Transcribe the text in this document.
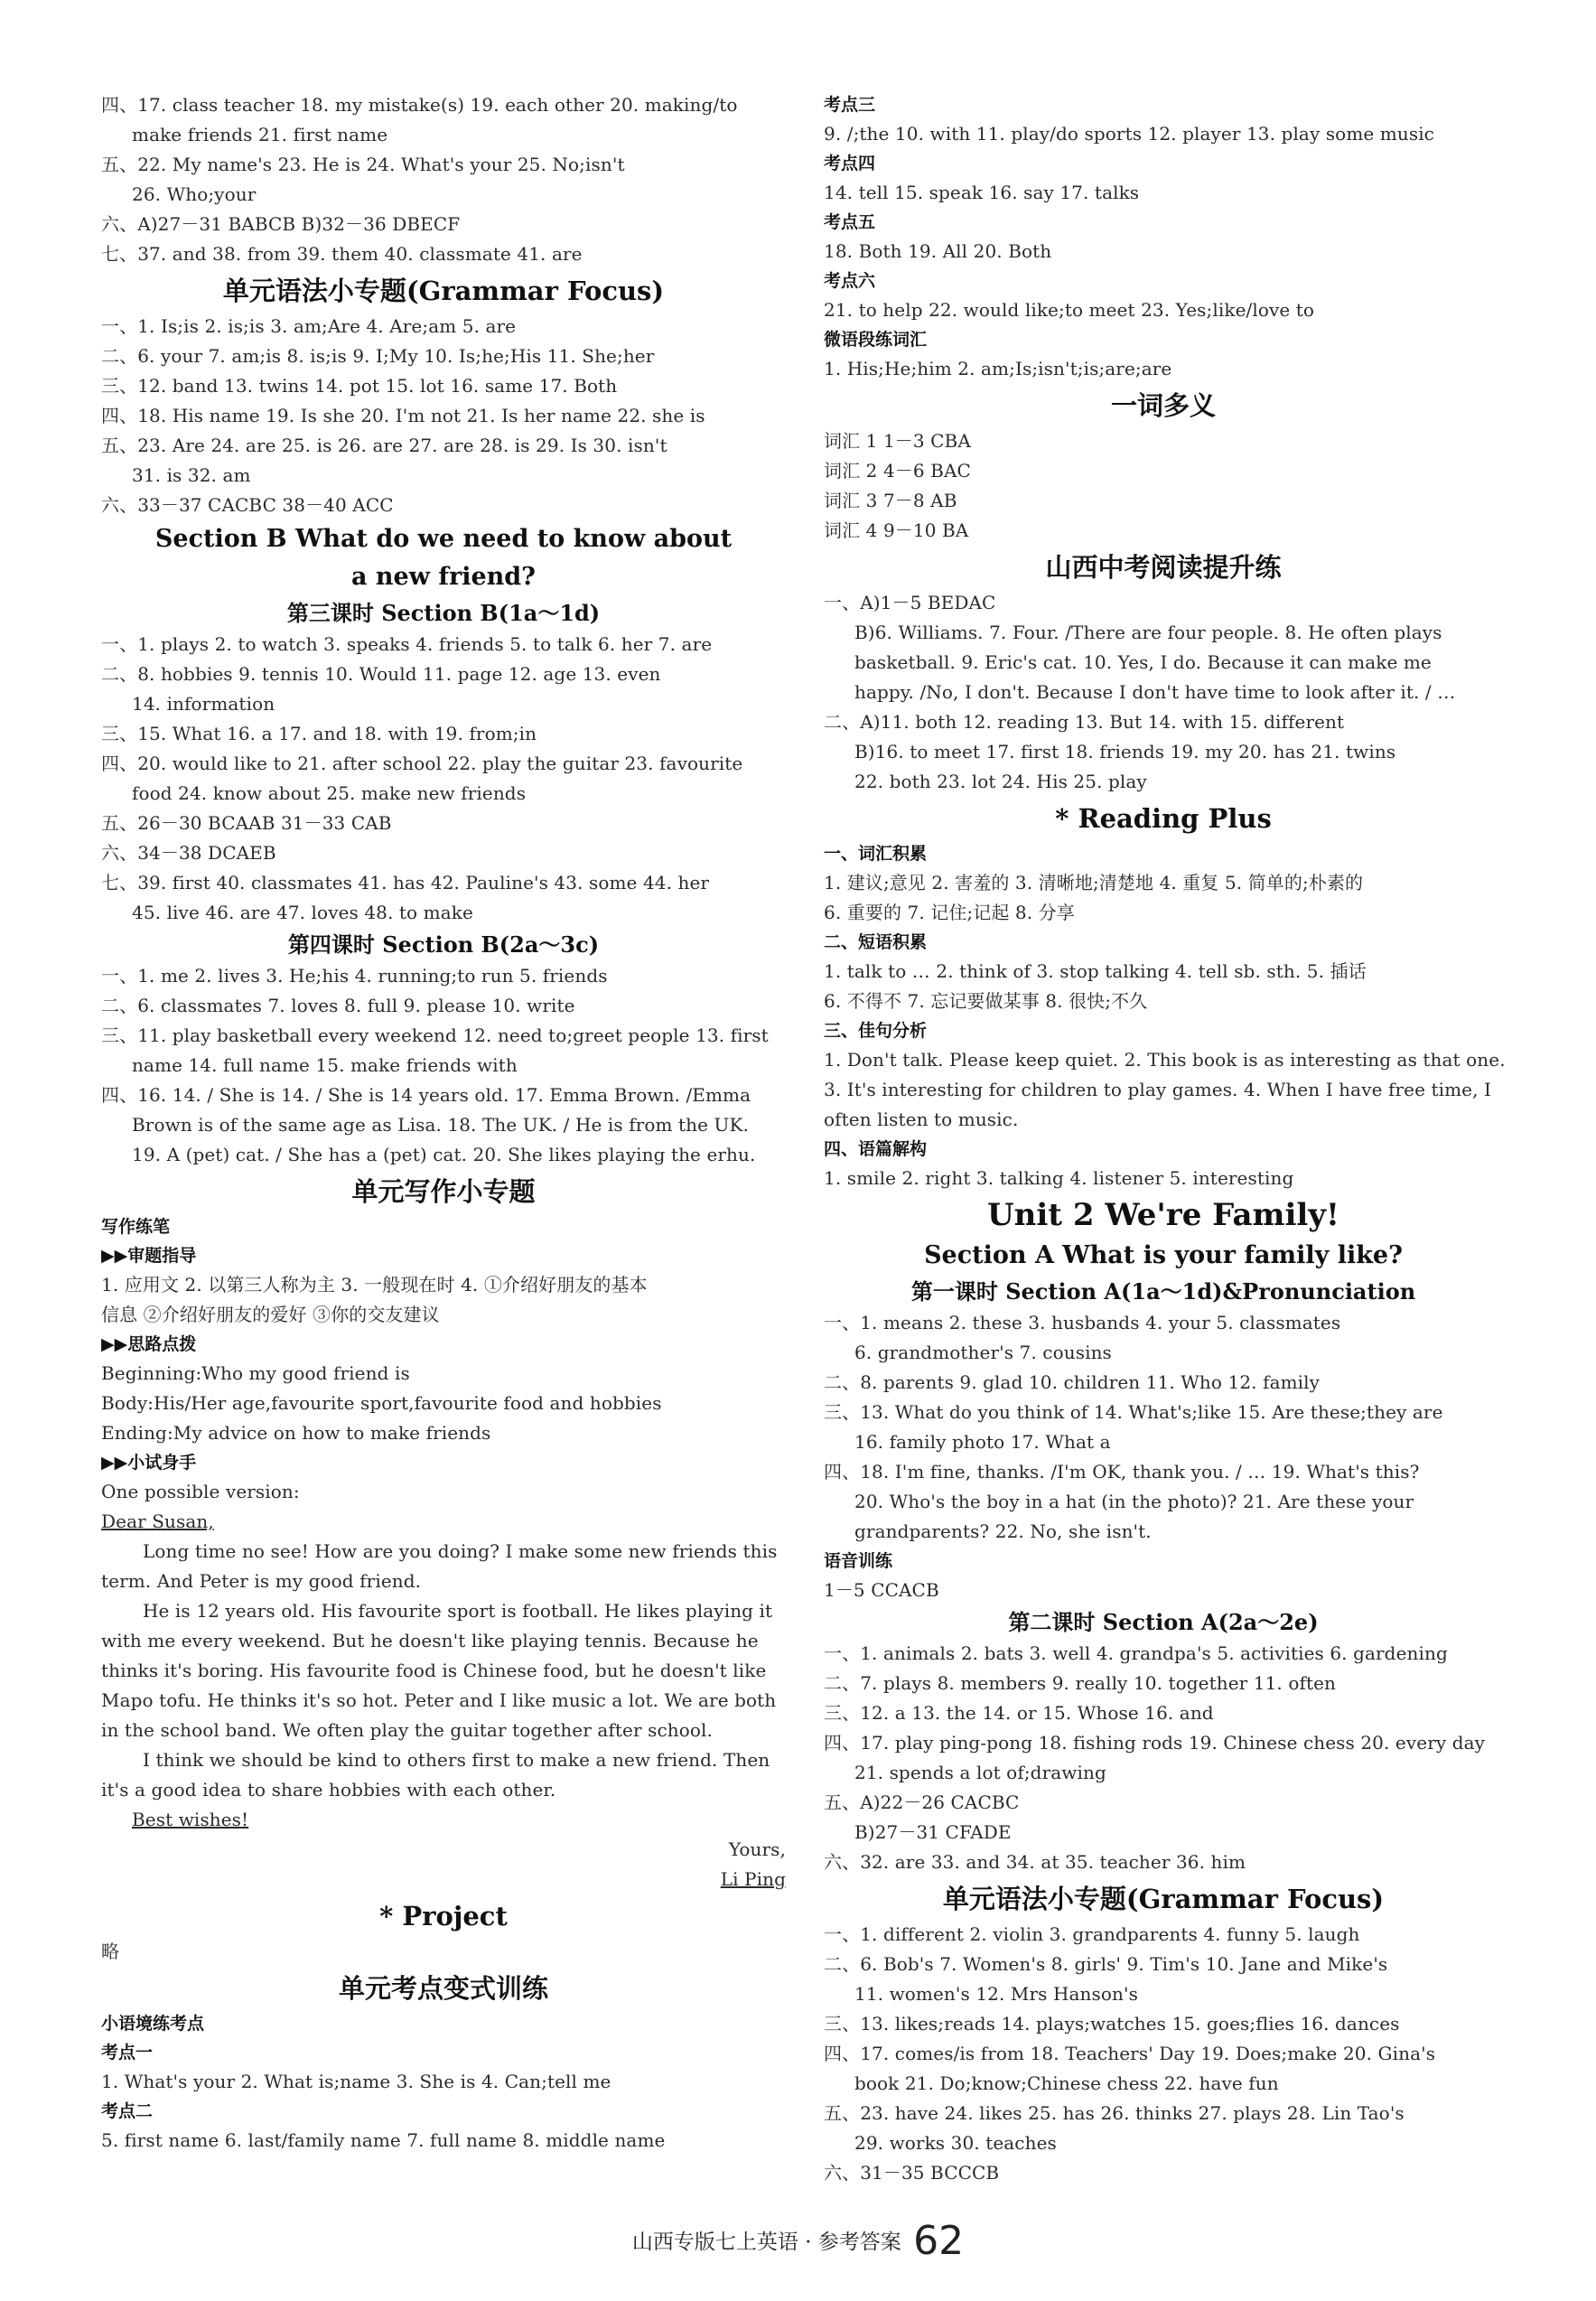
四、17. class teacher 18. my mistake(s) 19. each other 20. making/to
make friends 21. first name
五、22. My name's 23. He is 24. What's your 25. No;isn't
26. Who;your
六、A)27－31 BABCB B)32－36 DBECF
七、37. and 38. from 39. them 40. classmate 41. are
单元语法小专题(Grammar Focus)
一、1. Is;is 2. is;is 3. am;Are 4. Are;am 5. are
二、6. your 7. am;is 8. is;is 9. I;My 10. Is;he;His 11. She;her
三、12. band 13. twins 14. pot 15. lot 16. same 17. Both
四、18. His name 19. Is she 20. I'm not 21. Is her name 22. she is
五、23. Are 24. are 25. is 26. are 27. are 28. is 29. Is 30. isn't
31. is 32. am
六、33－37 CACBC 38－40 ACC
Section B What do we need to know about
a new friend?
第三课时 Section B(1a～1d)
一、1. plays 2. to watch 3. speaks 4. friends 5. to talk 6. her 7. are
二、8. hobbies 9. tennis 10. Would 11. page 12. age 13. even
14. information
三、15. What 16. a 17. and 18. with 19. from;in
四、20. would like to 21. after school 22. play the guitar 23. favourite
food 24. know about 25. make new friends
五、26－30 BCAAB 31－33 CAB
六、34－38 DCAEB
七、39. first 40. classmates 41. has 42. Pauline's 43. some 44. her
45. live 46. are 47. loves 48. to make
第四课时 Section B(2a～3c)
一、1. me 2. lives 3. He;his 4. running;to run 5. friends
二、6. classmates 7. loves 8. full 9. please 10. write
三、11. play basketball every weekend 12. need to;greet people 13. first
name 14. full name 15. make friends with
四、16. 14. / She is 14. / She is 14 years old. 17. Emma Brown. /Emma
Brown is of the same age as Lisa. 18. The UK. / He is from the UK.
19. A (pet) cat. / She has a (pet) cat. 20. She likes playing the erhu.
单元写作小专题
写作练笔
▶▶审题指导
1. 应用文 2. 以第三人称为主 3. 一般现在时 4. ①介绍好朋友的基本
信息 ②介绍好朋友的爱好 ③你的交友建议
▶▶思路点拨
Beginning:Who my good friend is
Body:His/Her age,favourite sport,favourite food and hobbies
Ending:My advice on how to make friends
▶▶小试身手
One possible version:
Dear Susan,
Long time no see! How are you doing? I make some new friends this term. And Peter is my good friend.
He is 12 years old. His favourite sport is football. He likes playing it with me every weekend. But he doesn't like playing tennis. Because he thinks it's boring. His favourite food is Chinese food, but he doesn't like Mapo tofu. He thinks it's so hot. Peter and I like music a lot. We are both in the school band. We often play the guitar together after school.
I think we should be kind to others first to make a new friend. Then it's a good idea to share hobbies with each other.
Best wishes!
Yours,
Li Ping
* Project
略
单元考点变式训练
小语境练考点
考点一
1. What's your 2. What is;name 3. She is 4. Can;tell me
考点二
5. first name 6. last/family name 7. full name 8. middle name
考点三
9. /;the 10. with 11. play/do sports 12. player 13. play some music
考点四
14. tell 15. speak 16. say 17. talks
考点五
18. Both 19. All 20. Both
考点六
21. to help 22. would like;to meet 23. Yes;like/love to
微语段练词汇
1. His;He;him 2. am;Is;isn't;is;are;are
一词多义
词汇 1 1－3 CBA
词汇 2 4－6 BAC
词汇 3 7－8 AB
词汇 4 9－10 BA
山西中考阅读提升练
一、A)1－5 BEDAC
B)6. Williams. 7. Four. /There are four people. 8. He often plays
basketball. 9. Eric's cat. 10. Yes, I do. Because it can make me
happy. /No, I don't. Because I don't have time to look after it. / …
二、A)11. both 12. reading 13. But 14. with 15. different
B)16. to meet 17. first 18. friends 19. my 20. has 21. twins
22. both 23. lot 24. His 25. play
* Reading Plus
一、词汇积累
1. 建议;意见 2. 害羞的 3. 清晰地;清楚地 4. 重复 5. 简单的;朴素的
6. 重要的 7. 记住;记起 8. 分享
二、短语积累
1. talk to … 2. think of 3. stop talking 4. tell sb. sth. 5. 插话
6. 不得不 7. 忘记要做某事 8. 很快;不久
三、佳句分析
1. Don't talk. Please keep quiet. 2. This book is as interesting as that one.
3. It's interesting for children to play games. 4. When I have free time, I
often listen to music.
四、语篇解构
1. smile 2. right 3. talking 4. listener 5. interesting
Unit 2 We're Family!
Section A What is your family like?
第一课时 Section A(1a～1d)&Pronunciation
一、1. means 2. these 3. husbands 4. your 5. classmates
6. grandmother's 7. cousins
二、8. parents 9. glad 10. children 11. Who 12. family
三、13. What do you think of 14. What's;like 15. Are these;they are
16. family photo 17. What a
四、18. I'm fine, thanks. /I'm OK, thank you. / … 19. What's this?
20. Who's the boy in a hat (in the photo)? 21. Are these your
grandparents? 22. No, she isn't.
语音训练
1－5 CCACB
第二课时 Section A(2a～2e)
一、1. animals 2. bats 3. well 4. grandpa's 5. activities 6. gardening
二、7. plays 8. members 9. really 10. together 11. often
三、12. a 13. the 14. or 15. Whose 16. and
四、17. play ping-pong 18. fishing rods 19. Chinese chess 20. every day
21. spends a lot of;drawing
五、A)22－26 CACBC
B)27－31 CFADE
六、32. are 33. and 34. at 35. teacher 36. him
单元语法小专题(Grammar Focus)
一、1. different 2. violin 3. grandparents 4. funny 5. laugh
二、6. Bob's 7. Women's 8. girls' 9. Tim's 10. Jane and Mike's
11. women's 12. Mrs Hanson's
三、13. likes;reads 14. plays;watches 15. goes;flies 16. dances
四、17. comes/is from 18. Teachers' Day 19. Does;make 20. Gina's
book 21. Do;know;Chinese chess 22. have fun
五、23. have 24. likes 25. has 26. thinks 27. plays 28. Lin Tao's
29. works 30. teaches
六、31－35 BCCCB
山西专版七上英语 · 参考答案 62
